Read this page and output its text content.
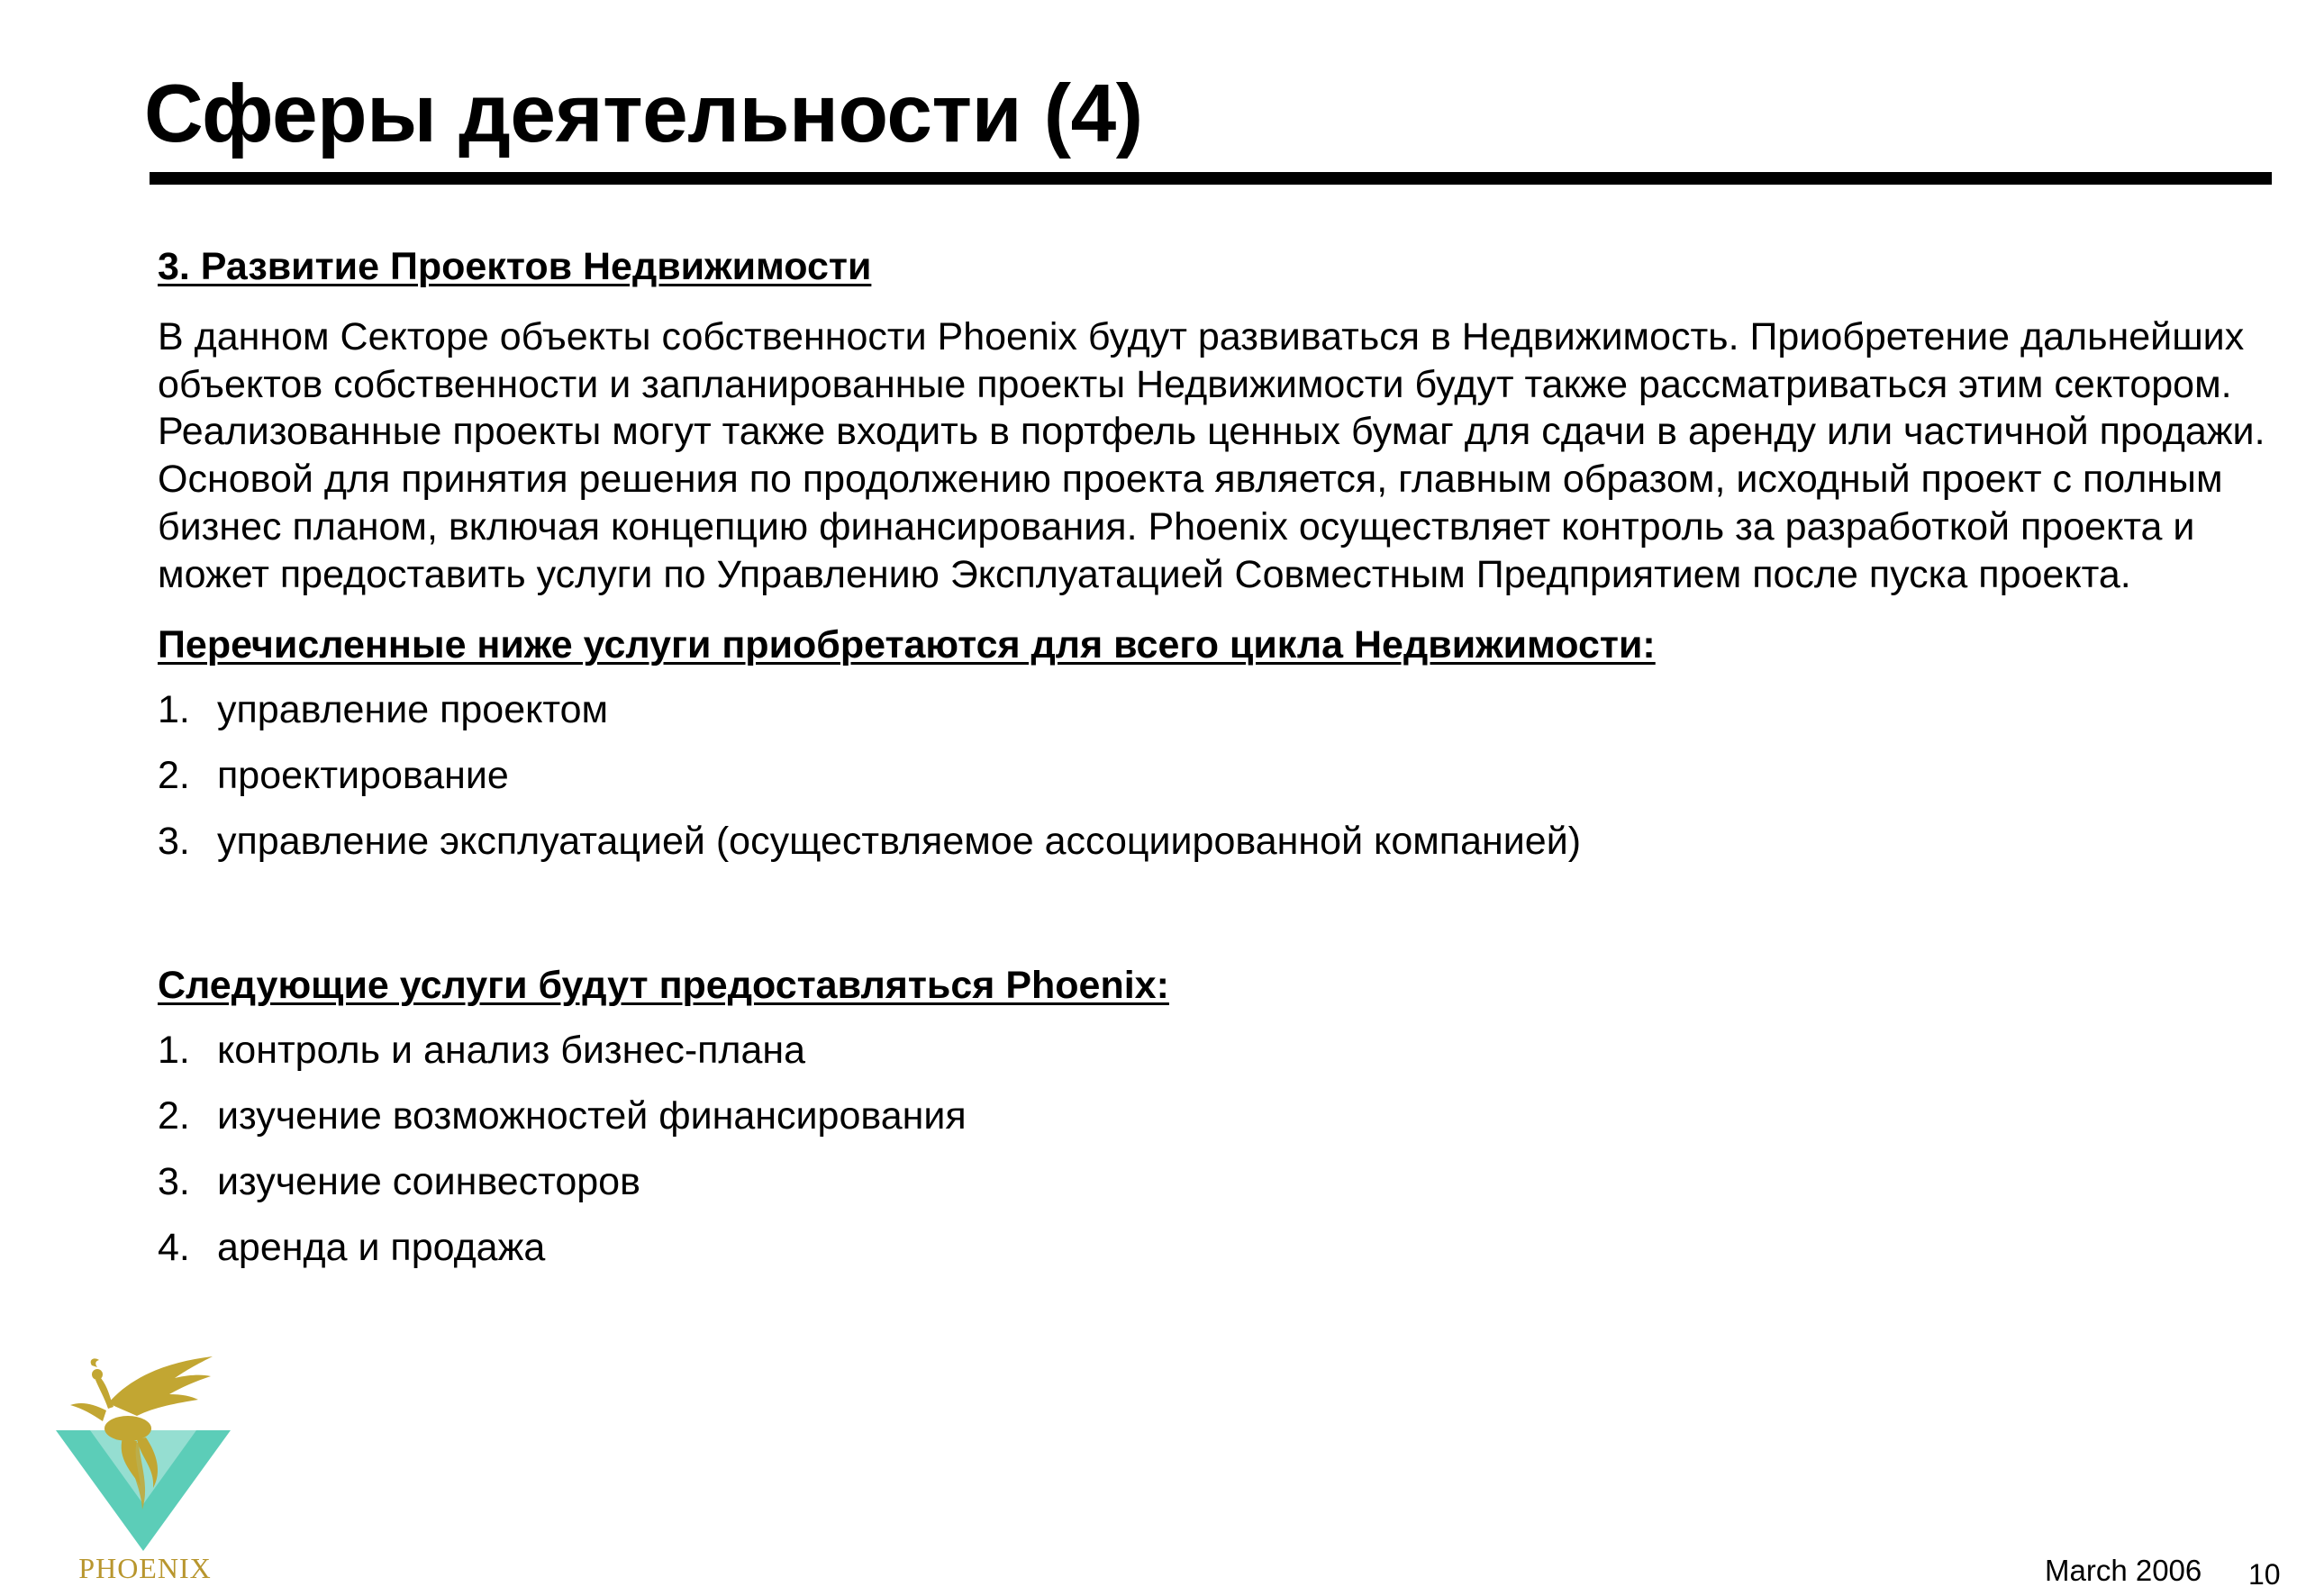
Сферы деятельности (4)
3. Развитие Проектов Недвижимости

В данном Секторе объекты собственности Phoenix будут развиваться в Недвижимость. Приобретение дальнейших объектов собственности и запланированные проекты Недвижимости будут также рассматриваться этим сектором. Реализованные проекты могут также входить в портфель ценных бумаг для сдачи в аренду или частичной продажи. Основой для принятия решения по продолжению проекта является, главным образом, исходный проект с полным бизнес планом, включая концепцию финансирования. Phoenix осуществляет контроль за разработкой проекта и может предоставить услуги по Управлению Эксплуатацией Совместным Предприятием после пуска проекта.

Перечисленные ниже услуги приобретаются для всего цикла Недвижимости:
1. управление проектом
2. проектирование
3. управление эксплуатацией (осуществляемое ассоциированной компанией)
Следующие услуги будут предоставляться Phoenix:
1. контроль и анализ бизнес-плана
2. изучение возможностей финансирования
3. изучение соинвесторов
4. аренда и продажа
PHOENIX	March 2006 10
